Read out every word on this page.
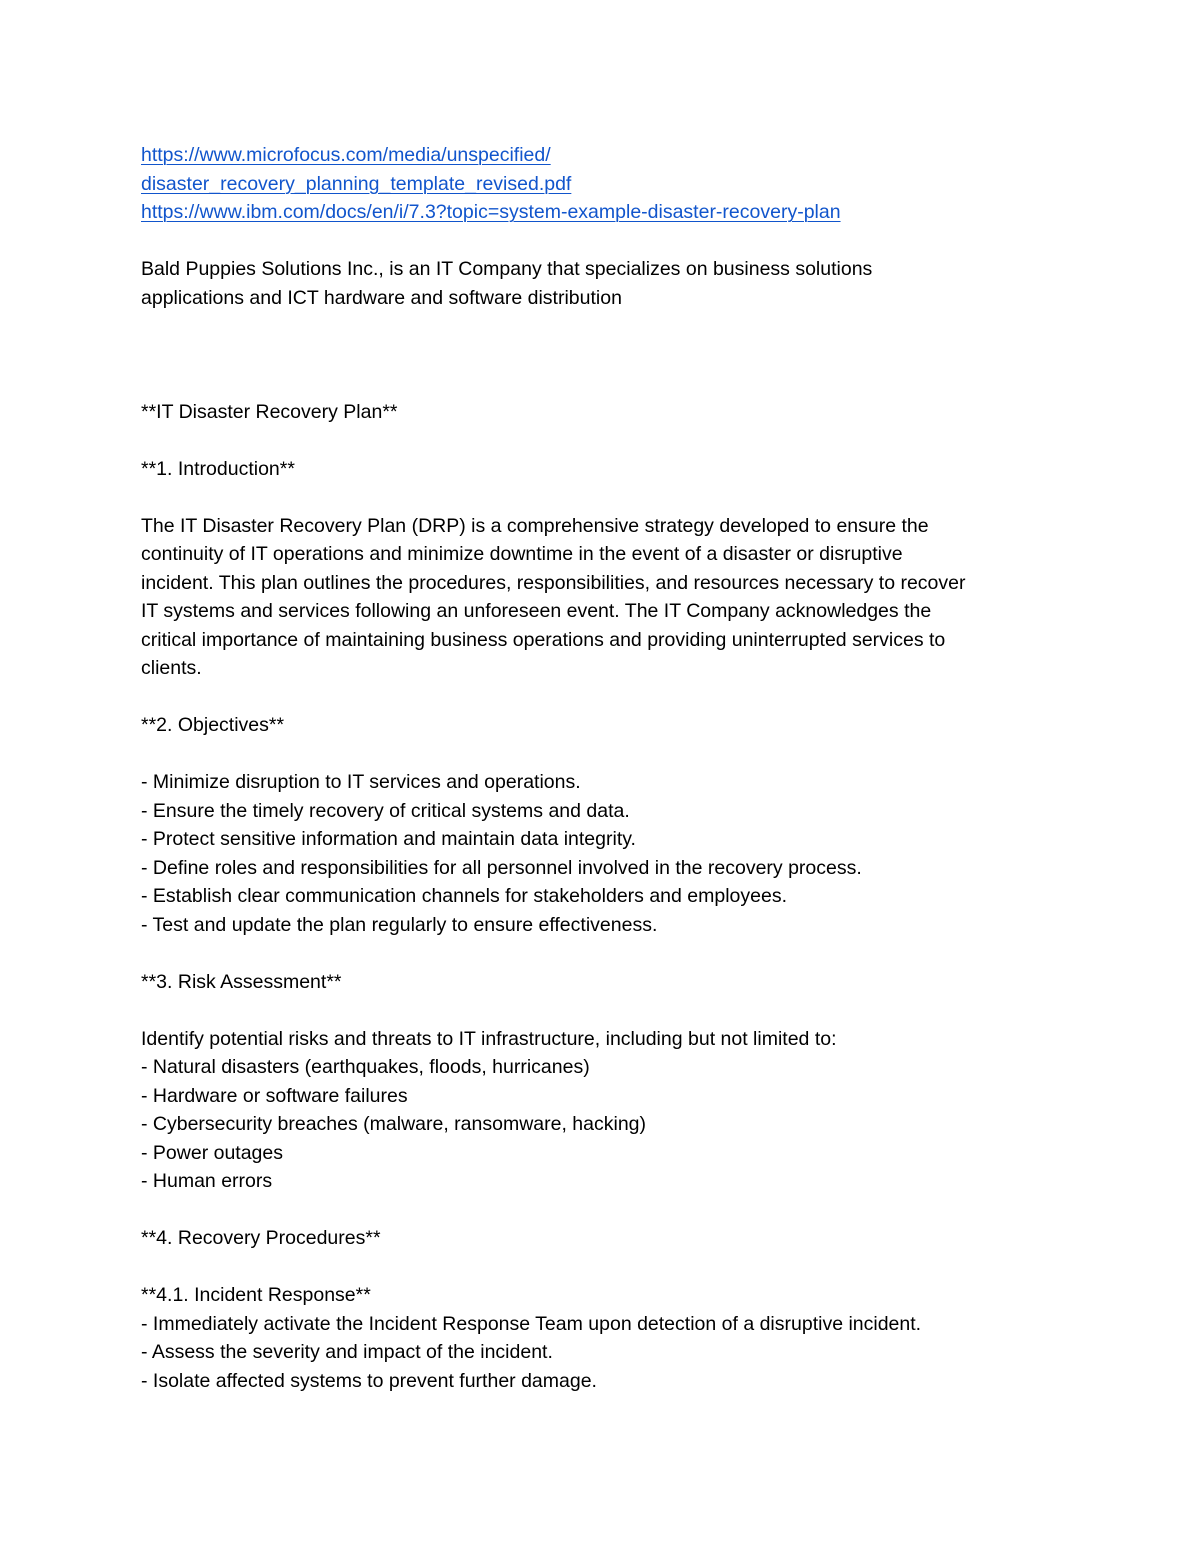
https://www.microfocus.com/media/unspecified/
disaster_recovery_planning_template_revised.pdf
https://www.ibm.com/docs/en/i/7.3?topic=system-example-disaster-recovery-plan
Bald Puppies Solutions Inc., is an IT Company that specializes on business solutions
applications and ICT hardware and software distribution
**IT Disaster Recovery Plan**
**1. Introduction**
The IT Disaster Recovery Plan (DRP) is a comprehensive strategy developed to ensure the
continuity of IT operations and minimize downtime in the event of a disaster or disruptive
incident. This plan outlines the procedures, responsibilities, and resources necessary to recover
IT systems and services following an unforeseen event. The IT Company acknowledges the
critical importance of maintaining business operations and providing uninterrupted services to
clients.
**2. Objectives**
- Minimize disruption to IT services and operations.
- Ensure the timely recovery of critical systems and data.
- Protect sensitive information and maintain data integrity.
- Define roles and responsibilities for all personnel involved in the recovery process.
- Establish clear communication channels for stakeholders and employees.
- Test and update the plan regularly to ensure effectiveness.
**3. Risk Assessment**
Identify potential risks and threats to IT infrastructure, including but not limited to:
- Natural disasters (earthquakes, floods, hurricanes)
- Hardware or software failures
- Cybersecurity breaches (malware, ransomware, hacking)
- Power outages
- Human errors
**4. Recovery Procedures**
**4.1. Incident Response**
- Immediately activate the Incident Response Team upon detection of a disruptive incident.
- Assess the severity and impact of the incident.
- Isolate affected systems to prevent further damage.
